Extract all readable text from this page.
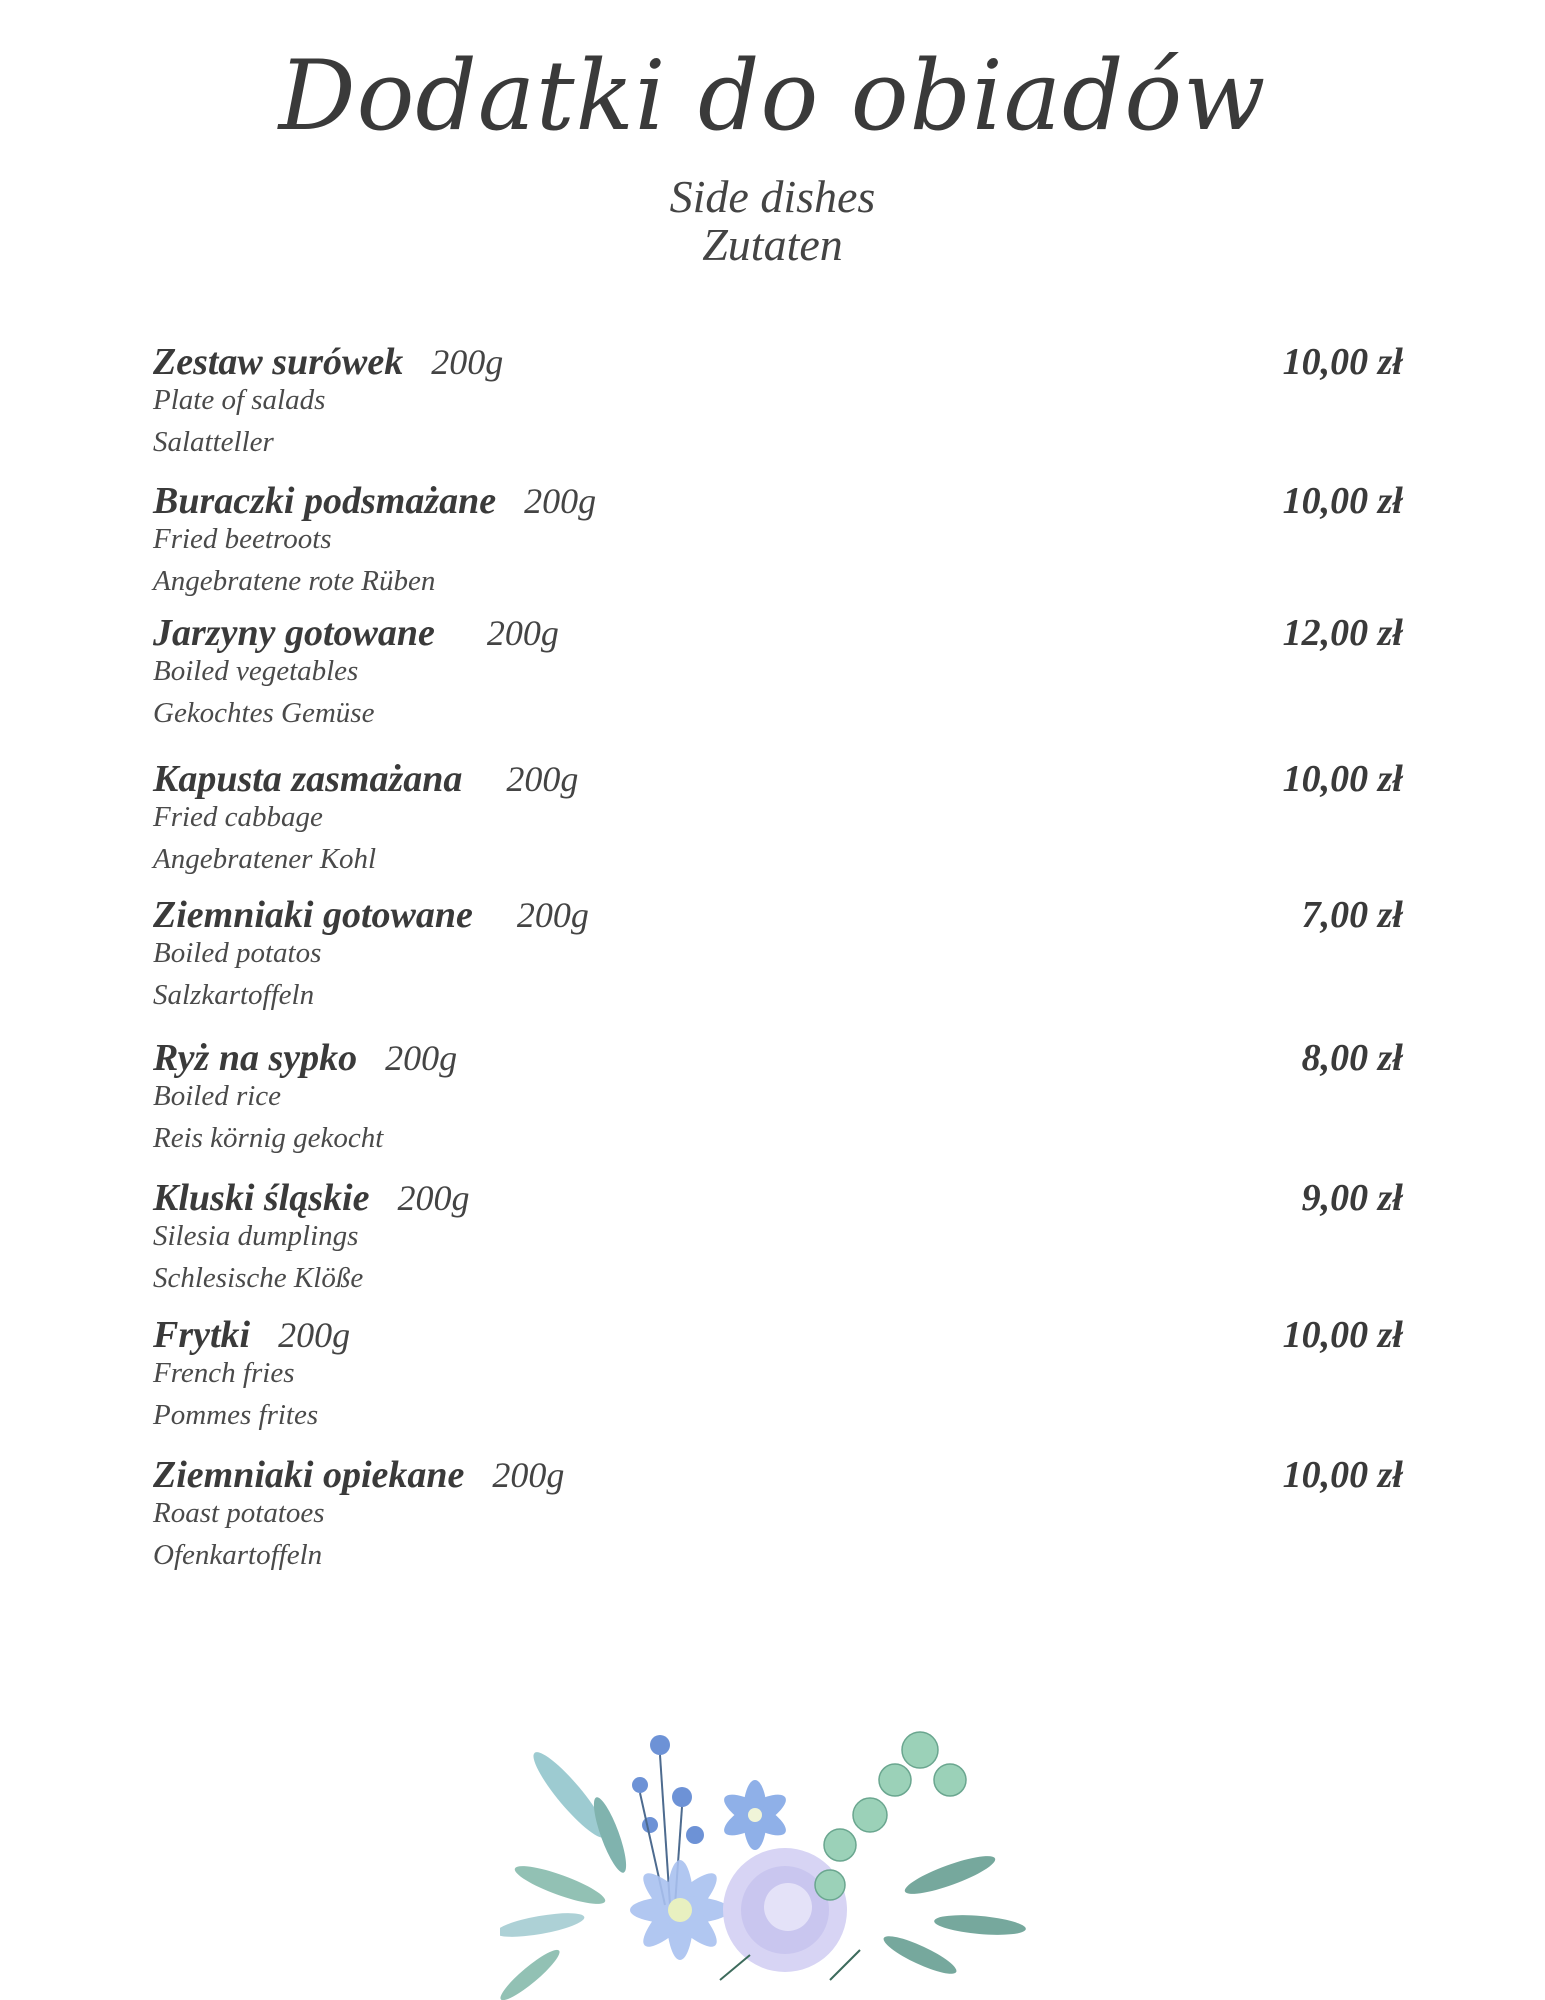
Dodatki do obiadów
Side dishes
Zutaten
Zestaw surówek 200g
Plate of salads
Salatteller
10,00 zł
Buraczki podsmażane 200g
Fried beetroots
Angebratene rote Rüben
10,00 zł
Jarzyny gotowane 200g
Boiled vegetables
Gekochtes Gemüse
12,00 zł
Kapusta zasmażana 200g
Fried cabbage
Angebratener Kohl
10,00 zł
Ziemniaki gotowane 200g
Boiled potatos
Salzkartoffeln
7,00 zł
Ryż na sypko 200g
Boiled rice
Reis körnig gekocht
8,00 zł
Kluski śląskie 200g
Silesia dumplings
Schlesische Klöße
9,00 zł
Frytki 200g
French fries
Pommes frites
10,00 zł
Ziemniaki opiekane 200g
Roast potatoes
Ofenkartoffeln
10,00 zł
